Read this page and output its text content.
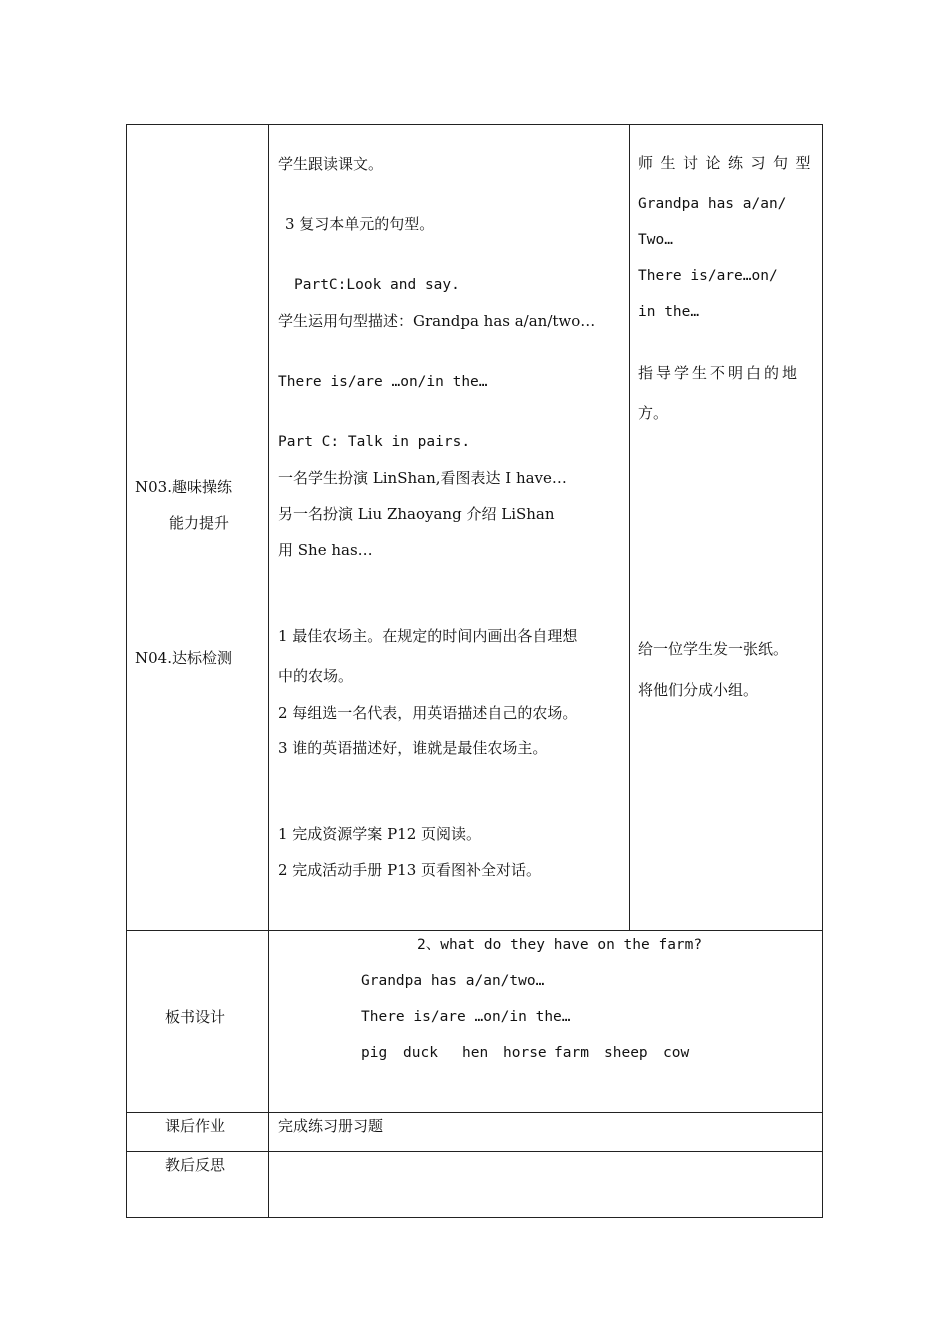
N03.趣味操练
能力提升
N04.达标检测
学生跟读课文。
3 复习本单元的句型。
PartC:Look and say.
学生运用句型描述：Grandpa has a/an/two…
There is/are …on/in the…
Part C: Talk in pairs.
一名学生扮演 LinShan,看图表达 I have…
另一名扮演 Liu Zhaoyang 介绍 LiShan
用 She has…
1 最佳农场主。在规定的时间内画出各自理想
中的农场。
2 每组选一名代表，用英语描述自己的农场。
3 谁的英语描述好，谁就是最佳农场主。
1 完成资源学案 P12 页阅读。
2 完成活动手册 P13 页看图补全对话。
师生讨论练习句型
Grandpa has a/an/
Two…
There is/are…on/
in the…
指导学生不明白的地
方。
给一位学生发一张纸。
将他们分成小组。
板书设计
2、what do they have on the farm?
Grandpa has a/an/two…
There is/are …on/in the…
pig duck hen horse farm sheep cow
课后作业	完成练习册习题
教后反思
